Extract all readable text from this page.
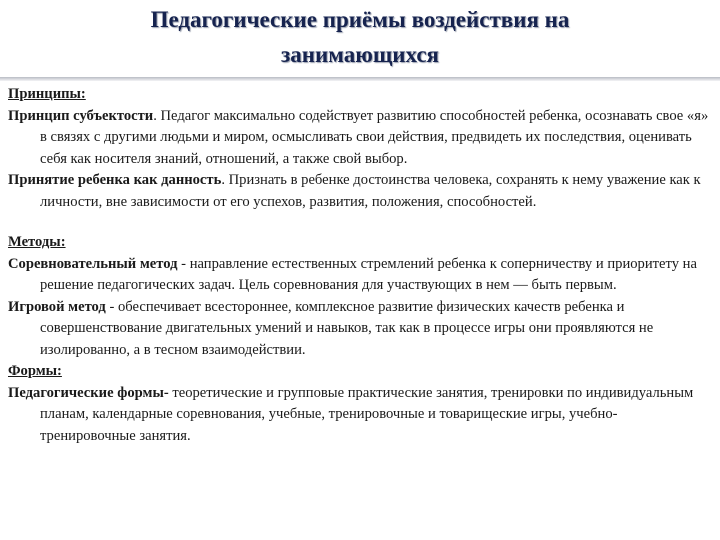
Педагогические приёмы воздействия на
занимающихся
Принципы:

Принцип субъектости. Педагог максимально содействует развитию способностей ребенка, осознавать свое «я» в связях с другими людьми и миром, осмысливать свои действия, предвидеть их последствия, оценивать себя как носителя знаний, отношений, а также свой выбор.

Принятие ребенка как данность. Признать в ребенке достоинства человека, сохранять к нему уважение как к личности, вне зависимости от его успехов, развития, положения, способностей.

Методы:

Соревновательный метод - направление естественных стремлений ребенка к соперничеству и приоритету на решение педагогических задач. Цель соревнования для участвующих в нем — быть первым.

Игровой метод - обеспечивает всестороннее, комплексное развитие физических качеств ребенка и совершенствование двигательных умений и навыков, так как в процессе игры они проявляются не изолированно, а в тесном взаимодействии.

Формы:

Педагогические формы- теоретические и групповые практические занятия, тренировки по индивидуальным планам, календарные соревнования, учебные, тренировочные и товарищеские игры, учебно-тренировочные занятия.
